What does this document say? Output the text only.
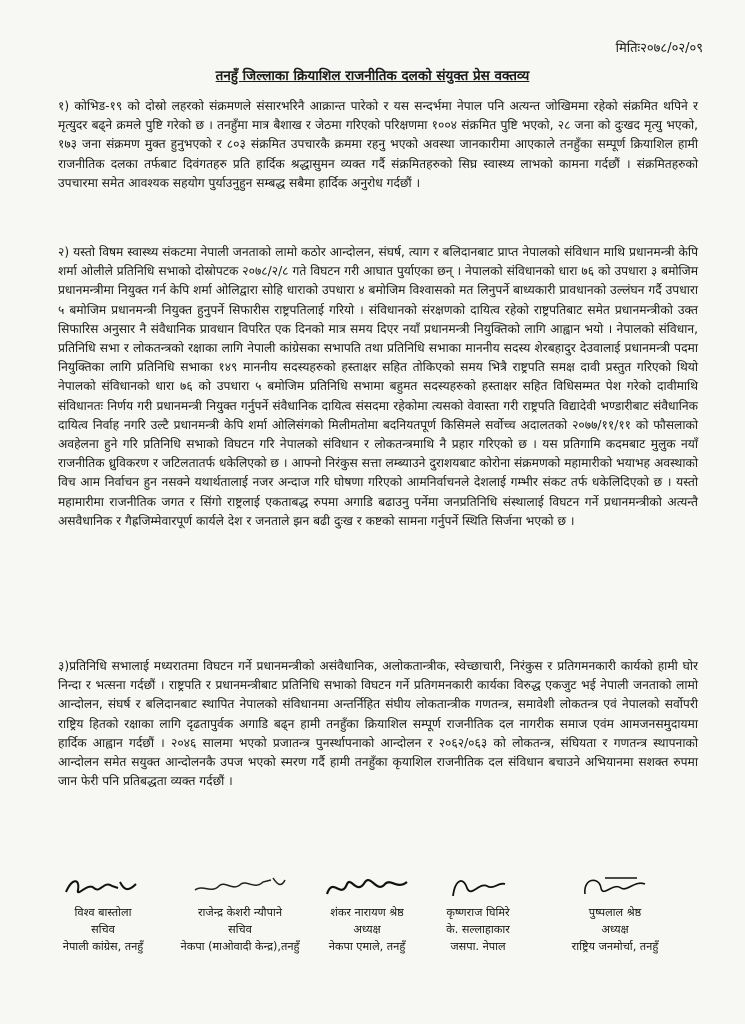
मितिः२०७८/०२/०९
तनहुँ जिल्लाका क्रियाशिल राजनीतिक दलको संयुक्त प्रेस वक्तव्य
१) कोभिड-१९ को दोस्रो लहरको संक्रमणले संसारभरिनै आक्रान्त पारेको र यस सन्दर्भमा नेपाल पनि अत्यन्त जोखिममा रहेको संक्रमित थपिने र मृत्युदर बढ्ने क्रमले पुष्टि गरेको छ । तनहुँमा मात्र बैशाख र जेठमा गरिएको परिक्षणमा १००४ संक्रमित पुष्टि भएको, २८ जना को दुःखद मृत्यु भएको, १७३ जना संक्रमण मुक्त हुनुभएको र ८०३ संक्रमित उपचारकै क्रममा रहनु भएको अवस्था जानकारीमा आएकाले तनहुँका सम्पूर्ण क्रियाशिल हामी राजनीतिक दलका तर्फबाट दिवंगतहरु प्रति हार्दिक श्रद्धासुमन व्यक्त गर्दै संक्रमितहरुको सिघ्र स्वास्थ्य लाभको कामना गर्दछौं । संक्रमितहरुको उपचारमा समेत आवश्यक सहयोग पुर्याउनुहुन सम्बद्ध सबैमा हार्दिक अनुरोध गर्दछौं ।
२) यस्तो विषम स्वास्थ्य संकटमा नेपाली जनताको लामो कठोर आन्दोलन, संघर्ष, त्याग र बलिदानबाट प्राप्त नेपालको संविधान माथि प्रधानमन्त्री केपि शर्मा ओलीले प्रतिनिधि सभाको दोस्रोपटक २०७८/२/८ गते विघटन गरी आघात पुर्याएका छन् । नेपालको संविधानको धारा ७६ को उपधारा ३ बमोजिम प्रधानमन्त्रीमा नियुक्त गर्न केपि शर्मा ओलिद्वारा सोहि धाराको उपधारा ४ बमोजिम विश्वासको मत लिनुपर्ने बाध्यकारी प्रावधानको उल्लंघन गर्दै उपधारा ५ बमोजिम प्रधानमन्त्री नियुक्त हुनुपर्ने सिफारीस राष्ट्रपतिलाई गरियो । संविधानको संरक्षणको दायित्व रहेको राष्ट्रपतिबाट समेत प्रधानमन्त्रीको उक्त सिफारिस अनुसार नै संवैधानिक प्रावधान विपरित एक दिनको मात्र समय दिएर नयाँ प्रधानमन्त्री नियुक्तिको लागि आह्वान भयो । नेपालको संविधान, प्रतिनिधि सभा र लोकतन्त्रको रक्षाका लागि नेपाली कांग्रेसका सभापति तथा प्रतिनिधि सभाका माननीय सदस्य शेरबहादुर देउवालाई प्रधानमन्त्री पदमा नियुक्तिका लागि प्रतिनिधि सभाका १४९ माननीय सदस्यहरुको हस्ताक्षर सहित तोकिएको समय भित्रै राष्ट्रपति समक्ष दावी प्रस्तुत गरिएको थियो नेपालको संविधानको धारा ७६ को उपधारा ५ बमोजिम प्रतिनिधि सभामा बहुमत सदस्यहरुको हस्ताक्षर सहित विधिसम्मत पेश गरेको दावीमाथि संविधानतः निर्णय गरी प्रधानमन्त्री नियुक्त गर्नुपर्ने संवैधानिक दायित्व संसदमा रहेकोमा त्यसको वेवास्ता गरी राष्ट्रपति विद्यादेवी भण्डारीबाट संवैधानिक दायित्व निर्वाह नगरि उल्टै प्रधानमन्त्री केपि शर्मा ओलिसंगको मिलीमतोमा बदनियतपूर्ण किसिमले सर्वोच्च अदालतको २०७७/११/११ को फौसलाको अवहेलना हुने गरि प्रतिनिधि सभाको विघटन गरि नेपालको संविधान र लोकतन्त्रमाथि नै प्रहार गरिएको छ । यस प्रतिगामि कदमबाट मुलुक नयाँ राजनीतिक ध्रुविकरण र जटिलतातर्फ धकेलिएको छ । आफ्नो निरंकुस सत्ता लम्ब्याउने दुराशयबाट कोरोना संक्रमणको महामारीको भयाभह अवस्थाको विच आम निर्वाचन हुन नसक्ने यथार्थतालाई नजर अन्दाज गरि घोषणा गरिएको आमनिर्वाचनले देशलाई गम्भीर संकट तर्फ धकेलिदिएको छ । यस्तो महामारीमा राजनीतिक जगत र सिंगो राष्ट्रलाई एकताबद्ध रुपमा अगाडि बढाउनु पर्नेमा जनप्रतिनिधि संस्थालाई विघटन गर्ने प्रधानमन्त्रीको अत्यन्तै असवैधानिक र गैह्रजिम्मेवारपूर्ण कार्यले देश र जनताले झन बढी दुःख र कष्टको सामना गर्नुपर्ने स्थिति सिर्जना भएको छ ।
३)प्रतिनिधि सभालाई मध्यरातमा विघटन गर्ने प्रधानमन्त्रीको असंवैधानिक, अलोकतान्त्रीक, स्वेच्छाचारी, निरंकुस र प्रतिगमनकारी कार्यको हामी घोर निन्दा र भत्सना गर्दछौं । राष्ट्रपति र प्रधानमन्त्रीबाट प्रतिनिधि सभाको विघटन गर्ने प्रतिगमनकारी कार्यका विरुद्ध एकजुट भई नेपाली जनताको लामो आन्दोलन, संघर्ष र बलिदानबाट स्थापित नेपालको संविधानमा अन्तर्निहित संघीय लोकतान्त्रीक गणतन्त्र, समावेशी लोकतन्त्र एवं नेपालको सर्वोपरी राष्ट्रिय हितको रक्षाका लागि दृढतापुर्वक अगाडि बढ्न हामी तनहुँका क्रियाशिल सम्पूर्ण राजनीतिक दल नागरीक समाज एवंम आमजनसमुदायमा हार्दिक आह्वान गर्दछौं । २०४६ सालमा भएको प्रजातन्त्र पुनर्स्थापनाको आन्दोलन र २०६२/०६३ को लोकतन्त्र, संघियता र गणतन्त्र स्थापनाको आन्दोलन समेत सयुक्त आन्दोलनकै उपज भएको स्मरण गर्दै हामी तनहुँका कृयाशिल राजनीतिक दल संविधान बचाउने अभियानमा सशक्त रुपमा जान फेरी पनि प्रतिबद्धता व्यक्त गर्दछौं ।
विश्व बास्तोला
सचिव
नेपाली कांग्रेस, तनहुँ
राजेन्द्र केशरी न्यौपाने
सचिव
नेकपा (माओवादी केन्द्र),तनहुँ
शंकर नारायण श्रेष्ठ
अध्यक्ष
नेकपा एमाले, तनहुँ
कृष्णराज घिमिरे
के. सल्लाहाकार
जसपा. नेपाल
पुष्पलाल श्रेष्ठ
अध्यक्ष
राष्ट्रिय जनमोर्चा, तनहुँ
